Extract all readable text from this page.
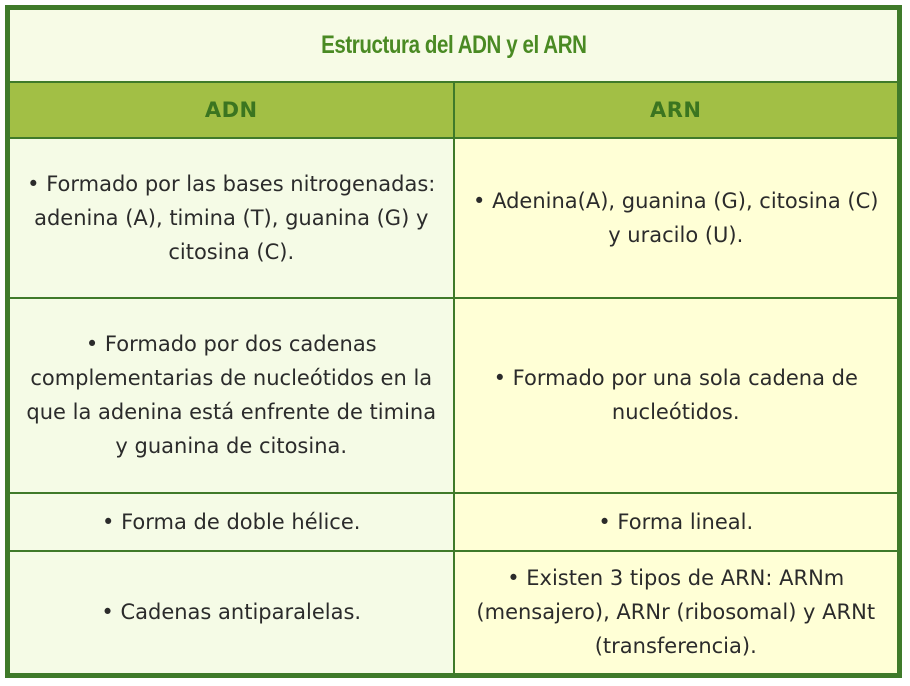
Estructura del ADN y el ARN	
ADN	ARN
• Formado por las bases nitrogenadas: adenina (A), timina (T), guanina (G) y citosina (C).	• Adenina(A), guanina (G), citosina (C) y uracilo (U).
• Formado por dos cadenas complementarias de nucleótidos en la que la adenina está enfrente de timina y guanina de citosina.	• Formado por una sola cadena de nucleótidos.
• Forma de doble hélice.	• Forma lineal.
• Cadenas antiparalelas.	• Existen 3 tipos de ARN: ARNm (mensajero), ARNr (ribosomal) y ARNt (transferencia).
